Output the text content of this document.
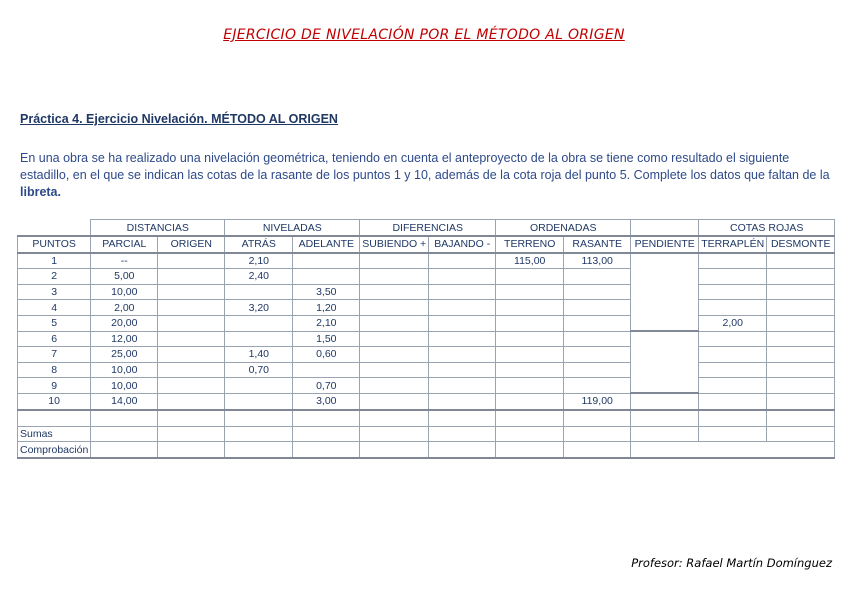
EJERCICIO DE NIVELACIÓN POR EL MÉTODO AL ORIGEN
Práctica 4. Ejercicio Nivelación. MÉTODO AL ORIGEN
En una obra se ha realizado una nivelación geométrica, teniendo en cuenta el anteproyecto de la obra se tiene como resultado el siguiente estadillo, en el que se indican las cotas de la rasante de los puntos 1 y 10, además de la cota roja del punto 5. Complete los datos que faltan de la libreta.
	DISTANCIAS		NIVELADAS		DIFERENCIAS		ORDENADAS			COTAS ROJAS	
PUNTOS	PARCIAL	ORIGEN	ATRÁS	ADELANTE	SUBIENDO +	BAJANDO -	TERRENO	RASANTE	PENDIENTE	TERRAPLÉN	DESMONTE
1	--		2,10				115,00	113,00			
2	5,00		2,40								
3	10,00			3,50							
4	2,00		3,20	1,20							
5	20,00			2,10						2,00	
6	12,00			1,50							
7	25,00		1,40	0,60							
8	10,00		0,70								
9	10,00			0,70							
10	14,00			3,00				119,00			

Sumas											
Comprobación											
Profesor: Rafael Martín Domínguez
